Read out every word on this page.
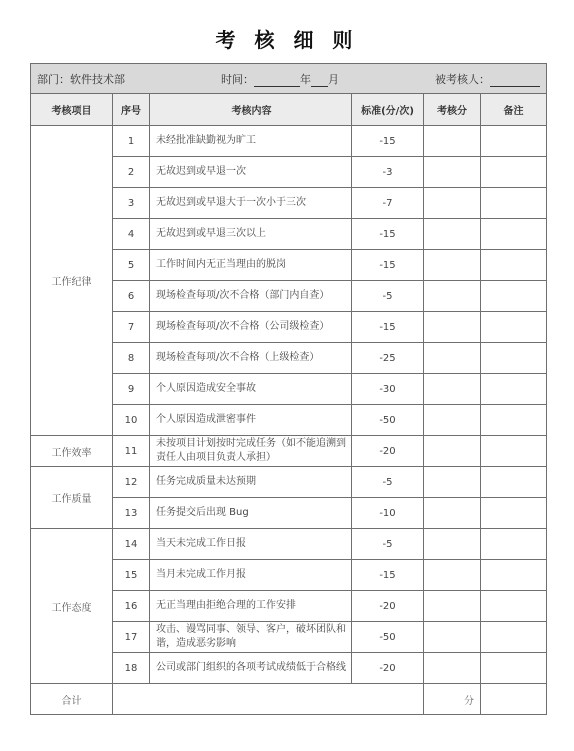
考 核 细 则
部门：软件技术部 时间： 年 月 被考核人：					

考核项目	序号	考核内容	标准(分/次)	考核分	备注
工作纪律	1	未经批准缺勤视为旷工	-15		
	2	无故迟到或早退一次	-3		
	3	无故迟到或早退大于一次小于三次	-7		
	4	无故迟到或早退三次以上	-15		
	5	工作时间内无正当理由的脱岗	-15		
	6	现场检查每项/次不合格（部门内自查）	-5		
	7	现场检查每项/次不合格（公司级检查）	-15		
	8	现场检查每项/次不合格（上级检查）	-25		
	9	个人原因造成安全事故	-30		
	10	个人原因造成泄密事件	-50		
工作效率	11	未按项目计划按时完成任务（如不能追溯到责任人由项目负责人承担）	-20		
工作质量	12	任务完成质量未达预期	-5		
	13	任务提交后出现 Bug	-10		
工作态度	14	当天未完成工作日报	-5		
	15	当月未完成工作月报	-15		
	16	无正当理由拒绝合理的工作安排	-20		
	17	攻击、谩骂同事、领导、客户，破坏团队和谐，造成恶劣影响	-50		
	18	公司或部门组织的各项考试成绩低于合格线	-20		
合计				分	
